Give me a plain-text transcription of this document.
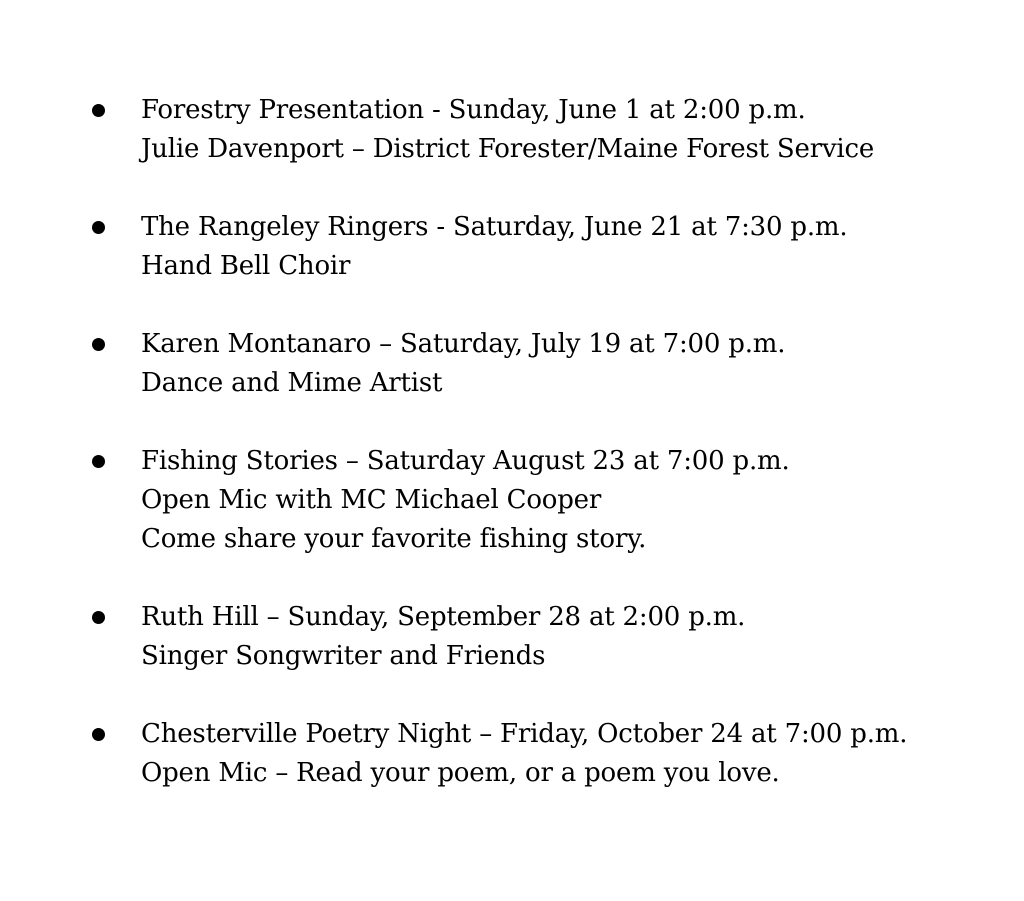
Forestry Presentation - Sunday, June 1 at 2:00 p.m.
Julie Davenport – District Forester/Maine Forest Service
The Rangeley Ringers - Saturday, June 21 at 7:30 p.m.
Hand Bell Choir
Karen Montanaro – Saturday, July 19 at 7:00 p.m.
Dance and Mime Artist
Fishing Stories – Saturday August 23 at 7:00 p.m.
Open Mic with MC Michael Cooper
Come share your favorite fishing story.
Ruth Hill – Sunday, September 28 at 2:00 p.m.
Singer Songwriter and Friends
Chesterville Poetry Night – Friday, October 24 at 7:00 p.m.
Open Mic – Read your poem, or a poem you love.
